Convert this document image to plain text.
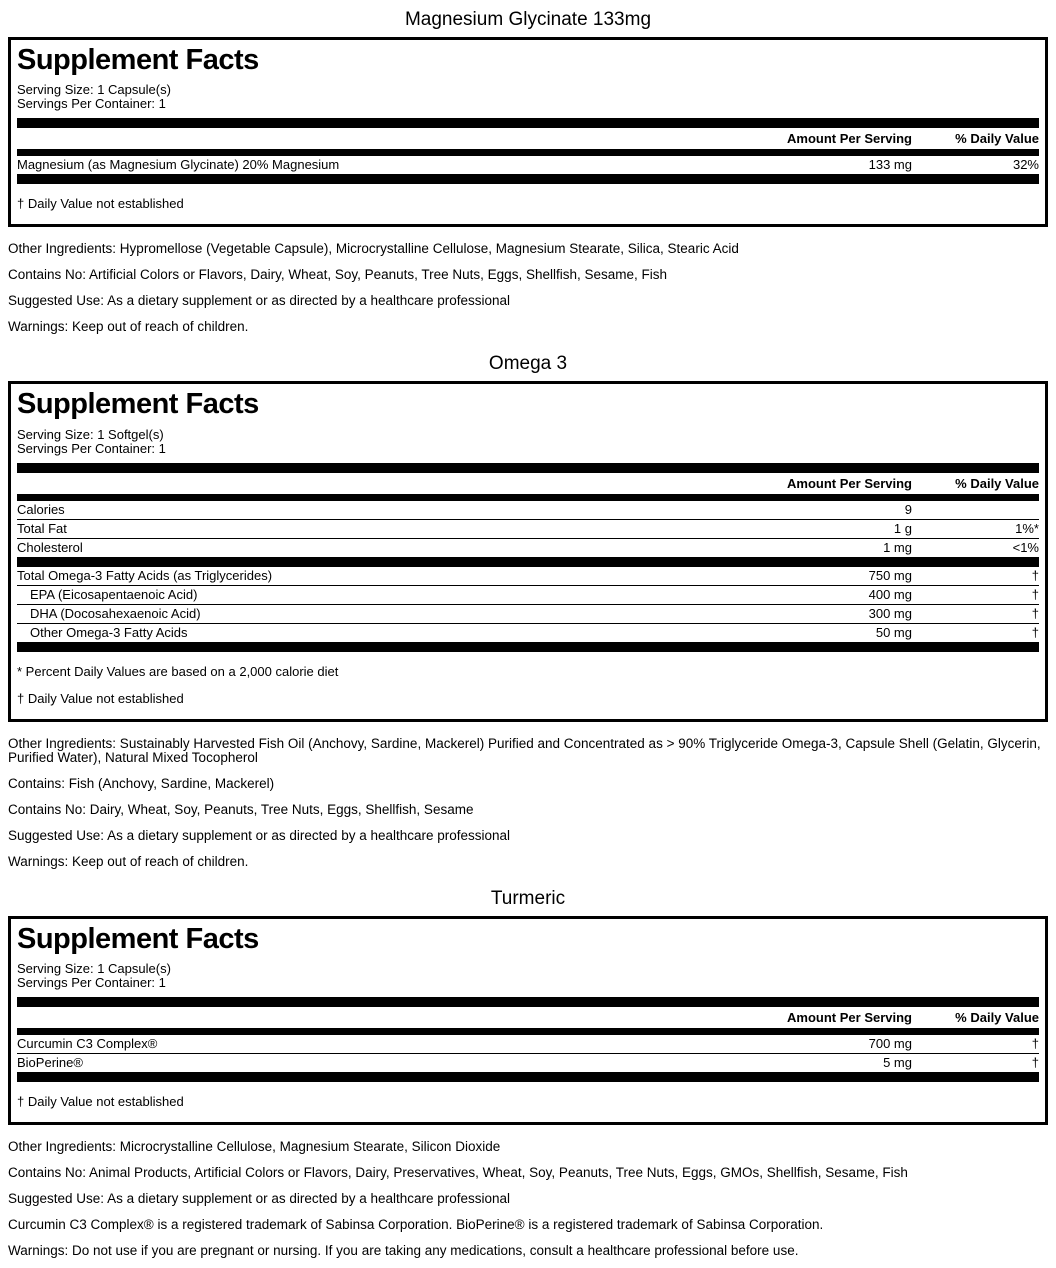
Magnesium Glycinate 133mg
Supplement Facts
Serving Size: 1 Capsule(s)
Servings Per Container: 1
Amount Per Serving	% Daily Value
Magnesium (as Magnesium Glycinate) 20% Magnesium	133 mg	32%
† Daily Value not established

Other Ingredients: Hypromellose (Vegetable Capsule), Microcrystalline Cellulose, Magnesium Stearate, Silica, Stearic Acid

Contains No: Artificial Colors or Flavors, Dairy, Wheat, Soy, Peanuts, Tree Nuts, Eggs, Shellfish, Sesame, Fish

Suggested Use: As a dietary supplement or as directed by a healthcare professional

Warnings: Keep out of reach of children.

Omega 3
Supplement Facts
Serving Size: 1 Softgel(s)
Servings Per Container: 1
Amount Per Serving	% Daily Value
Calories	9
Total Fat	1 g	1%*
Cholesterol	1 mg	<1%
Total Omega-3 Fatty Acids (as Triglycerides)	750 mg	†
EPA (Eicosapentaenoic Acid)	400 mg	†
DHA (Docosahexaenoic Acid)	300 mg	†
Other Omega-3 Fatty Acids	50 mg	†
* Percent Daily Values are based on a 2,000 calorie diet
† Daily Value not established

Other Ingredients: Sustainably Harvested Fish Oil (Anchovy, Sardine, Mackerel) Purified and Concentrated as > 90% Triglyceride Omega-3, Capsule Shell (Gelatin, Glycerin, Purified Water), Natural Mixed Tocopherol

Contains: Fish (Anchovy, Sardine, Mackerel)

Contains No: Dairy, Wheat, Soy, Peanuts, Tree Nuts, Eggs, Shellfish, Sesame

Suggested Use: As a dietary supplement or as directed by a healthcare professional

Warnings: Keep out of reach of children.

Turmeric
Supplement Facts
Serving Size: 1 Capsule(s)
Servings Per Container: 1
Amount Per Serving	% Daily Value
Curcumin C3 Complex®	700 mg	†
BioPerine®	5 mg	†
† Daily Value not established

Other Ingredients: Microcrystalline Cellulose, Magnesium Stearate, Silicon Dioxide

Contains No: Animal Products, Artificial Colors or Flavors, Dairy, Preservatives, Wheat, Soy, Peanuts, Tree Nuts, Eggs, GMOs, Shellfish, Sesame, Fish

Suggested Use: As a dietary supplement or as directed by a healthcare professional

Curcumin C3 Complex® is a registered trademark of Sabinsa Corporation. BioPerine® is a registered trademark of Sabinsa Corporation.

Warnings: Do not use if you are pregnant or nursing. If you are taking any medications, consult a healthcare professional before use.
